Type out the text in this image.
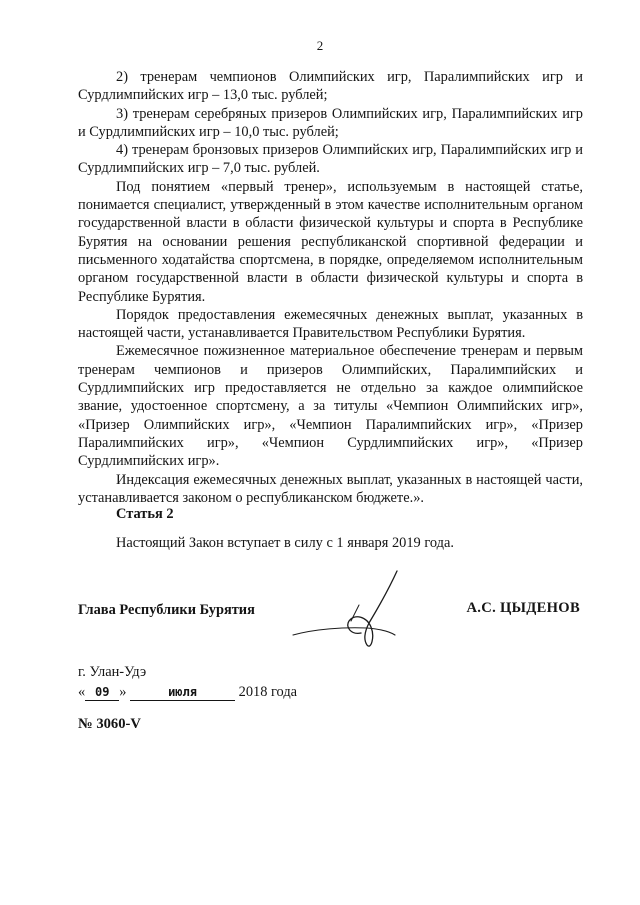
2

2) тренерам чемпионов Олимпийских игр, Паралимпийских игр и Сурдлимпийских игр – 13,0 тыс. рублей;

3) тренерам серебряных призеров Олимпийских игр, Паралимпийских игр и Сурдлимпийских игр – 10,0 тыс. рублей;

4) тренерам бронзовых призеров Олимпийских игр, Паралимпийских игр и Сурдлимпийских игр – 7,0 тыс. рублей.

Под понятием «первый тренер», используемым в настоящей статье, понимается специалист, утвержденный в этом качестве исполнительным органом государственной власти в области физической культуры и спорта в Республике Бурятия на основании решения республиканской спортивной федерации и письменного ходатайства спортсмена, в порядке, определяемом исполнительным органом государственной власти в области физической культуры и спорта в Республике Бурятия.

Порядок предоставления ежемесячных денежных выплат, указанных в настоящей части, устанавливается Правительством Республики Бурятия.

Ежемесячное пожизненное материальное обеспечение тренерам и первым тренерам чемпионов и призеров Олимпийских, Паралимпийских и Сурдлимпийских игр предоставляется не отдельно за каждое олимпийское звание, удостоенное спортсмену, а за титулы «Чемпион Олимпийских игр», «Призер Олимпийских игр», «Чемпион Паралимпийских игр», «Призер Паралимпийских игр», «Чемпион Сурдлимпийских игр», «Призер Сурдлимпийских игр».

Индексация ежемесячных денежных выплат, указанных в настоящей части, устанавливается законом о республиканском бюджете.».

Статья 2
Настоящий Закон вступает в силу с 1 января 2019 года.
Глава Республики Бурятия	А.С. ЦЫДЕНОВ
г. Улан-Удэ
« 09 »	июля	2018 года
№ 3060-V
